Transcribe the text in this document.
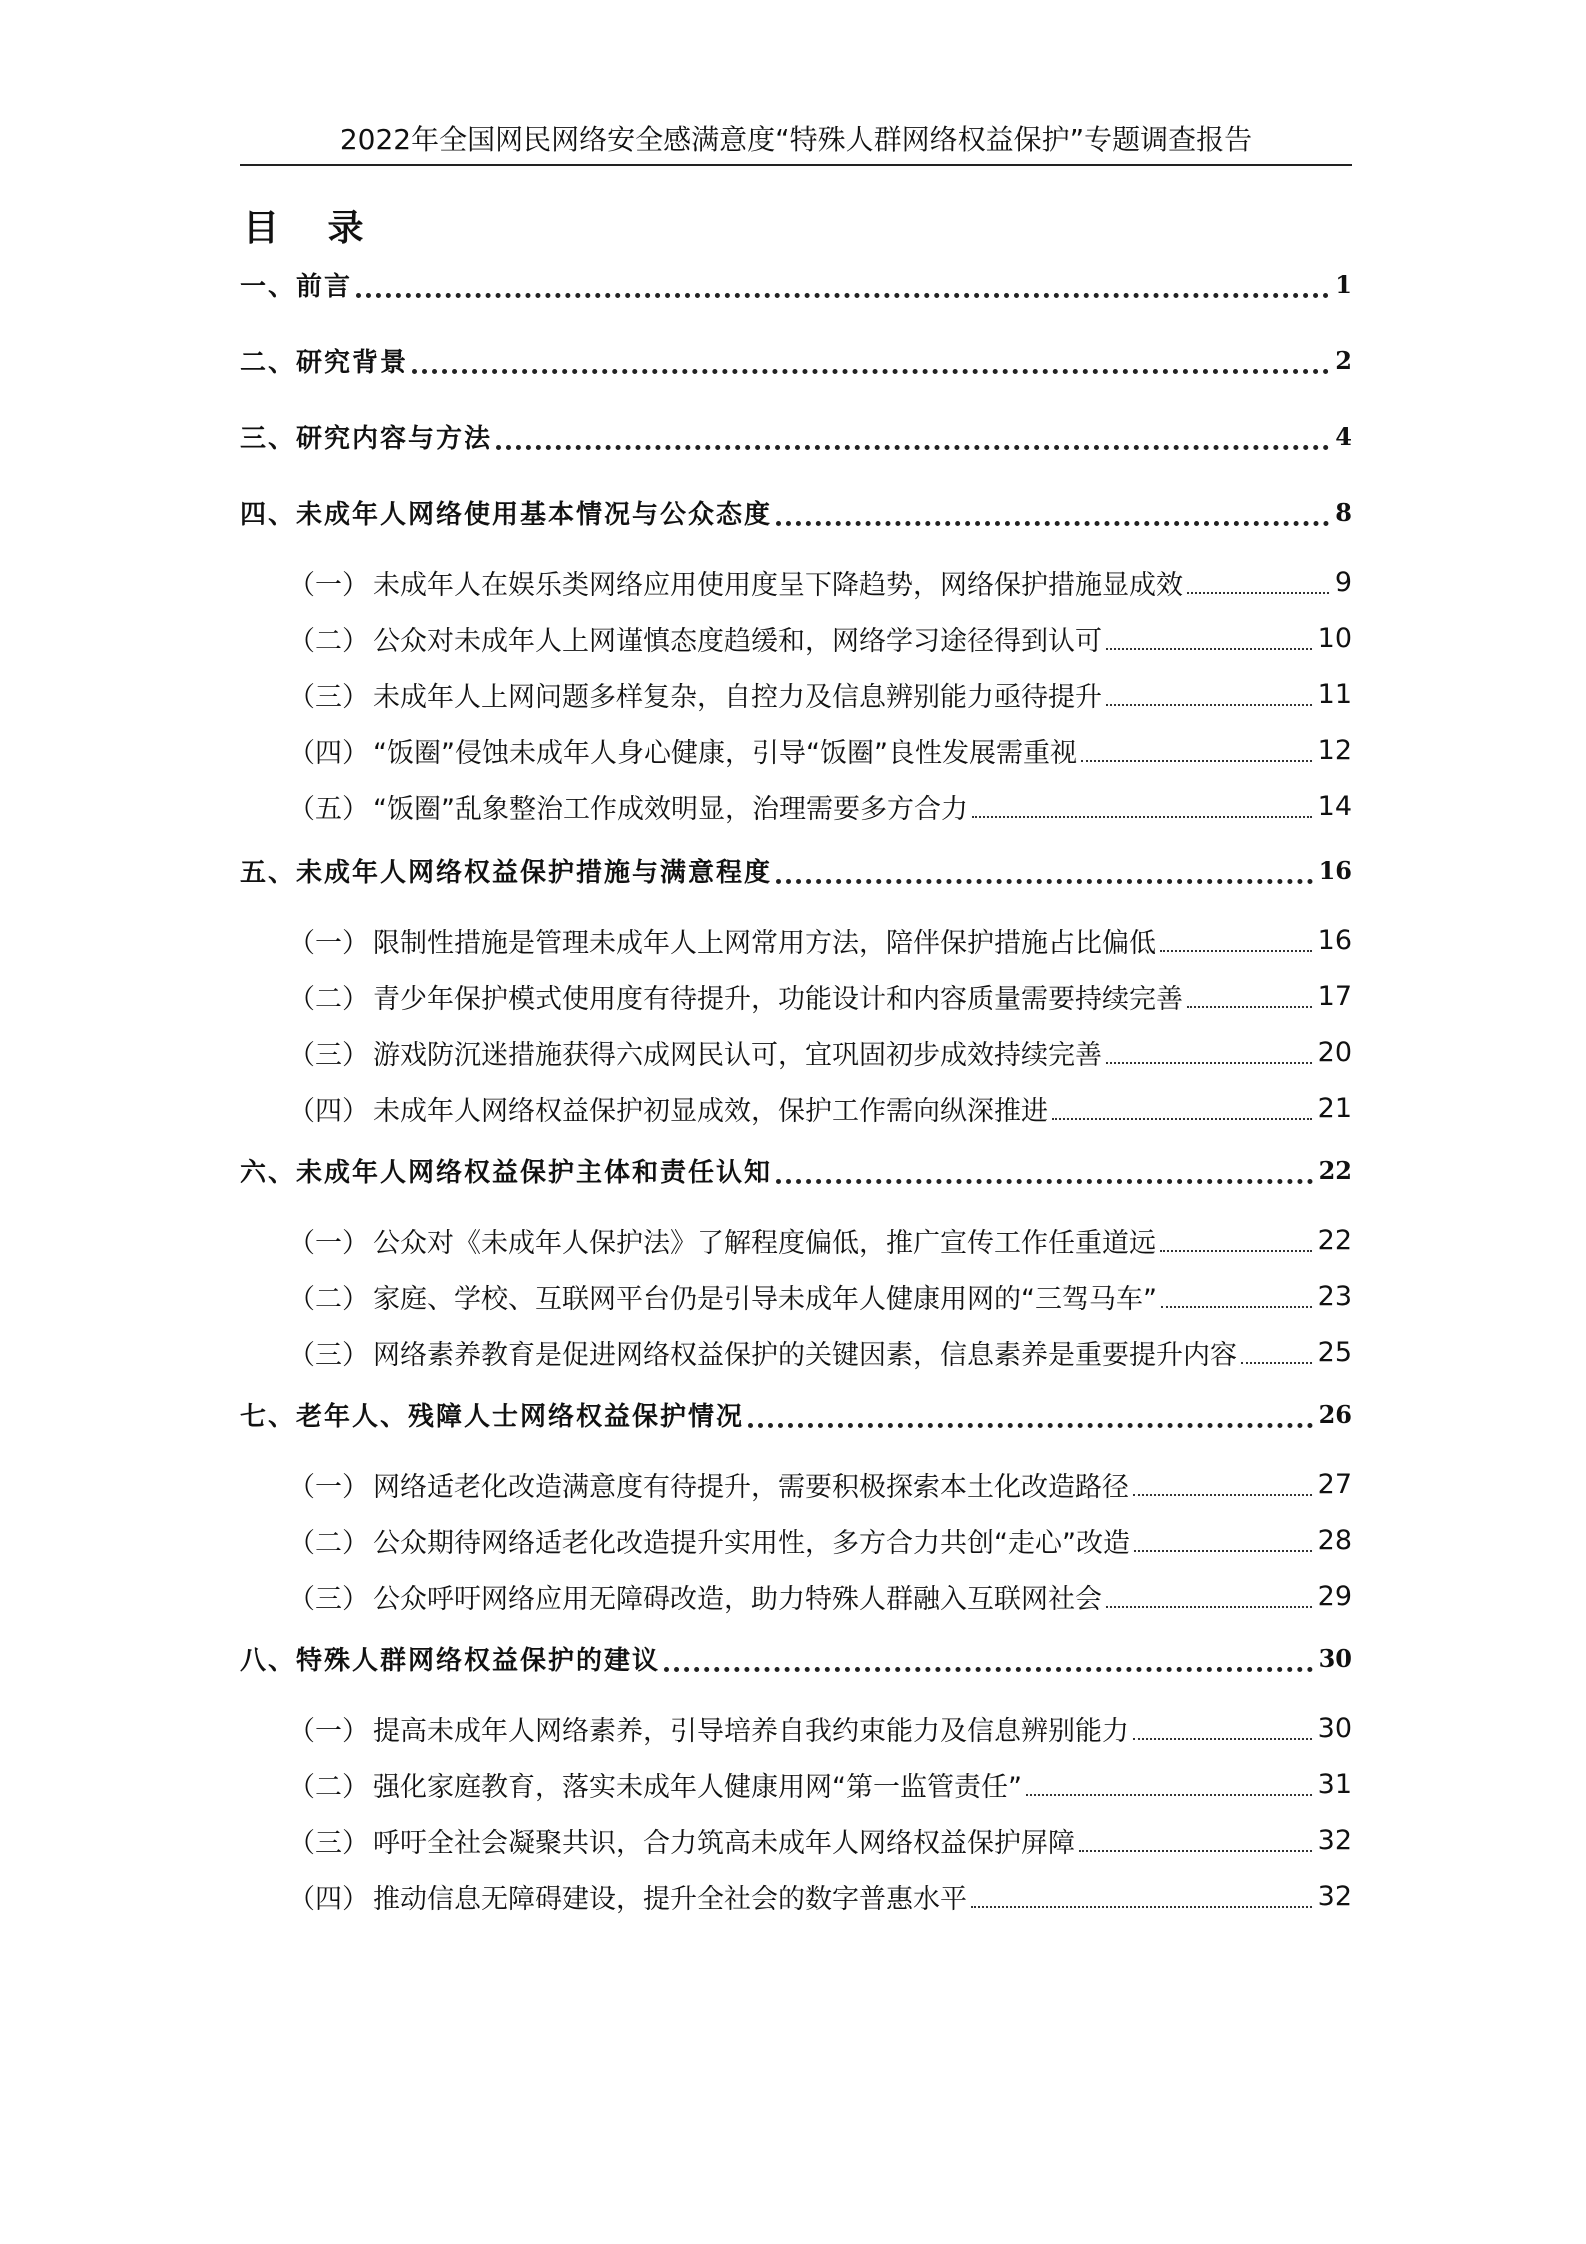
2022年全国网民网络安全感满意度“特殊人群网络权益保护”专题调查报告
目 录
一、前言	1
二、研究背景	2
三、研究内容与方法	4
四、未成年人网络使用基本情况与公众态度	8
（一） 未成年人在娱乐类网络应用使用度呈下降趋势，网络保护措施显成效	9
（二） 公众对未成年人上网谨慎态度趋缓和，网络学习途径得到认可	10
（三） 未成年人上网问题多样复杂，自控力及信息辨别能力亟待提升	11
（四） “饭圈”侵蚀未成年人身心健康，引导“饭圈”良性发展需重视	12
（五） “饭圈”乱象整治工作成效明显，治理需要多方合力	14
五、未成年人网络权益保护措施与满意程度	16
（一） 限制性措施是管理未成年人上网常用方法，陪伴保护措施占比偏低	16
（二） 青少年保护模式使用度有待提升，功能设计和内容质量需要持续完善	17
（三） 游戏防沉迷措施获得六成网民认可，宜巩固初步成效持续完善	20
（四） 未成年人网络权益保护初显成效，保护工作需向纵深推进	21
六、未成年人网络权益保护主体和责任认知	22
（一） 公众对《未成年人保护法》了解程度偏低，推广宣传工作任重道远	22
（二） 家庭、学校、互联网平台仍是引导未成年人健康用网的“三驾马车”	23
（三） 网络素养教育是促进网络权益保护的关键因素，信息素养是重要提升内容	25
七、老年人、残障人士网络权益保护情况	26
（一） 网络适老化改造满意度有待提升，需要积极探索本土化改造路径	27
（二） 公众期待网络适老化改造提升实用性，多方合力共创“走心”改造	28
（三） 公众呼吁网络应用无障碍改造，助力特殊人群融入互联网社会	29
八、特殊人群网络权益保护的建议	30
（一） 提高未成年人网络素养，引导培养自我约束能力及信息辨别能力	30
（二） 强化家庭教育，落实未成年人健康用网“第一监管责任”	31
（三） 呼吁全社会凝聚共识，合力筑高未成年人网络权益保护屏障	32
（四） 推动信息无障碍建设，提升全社会的数字普惠水平	32
